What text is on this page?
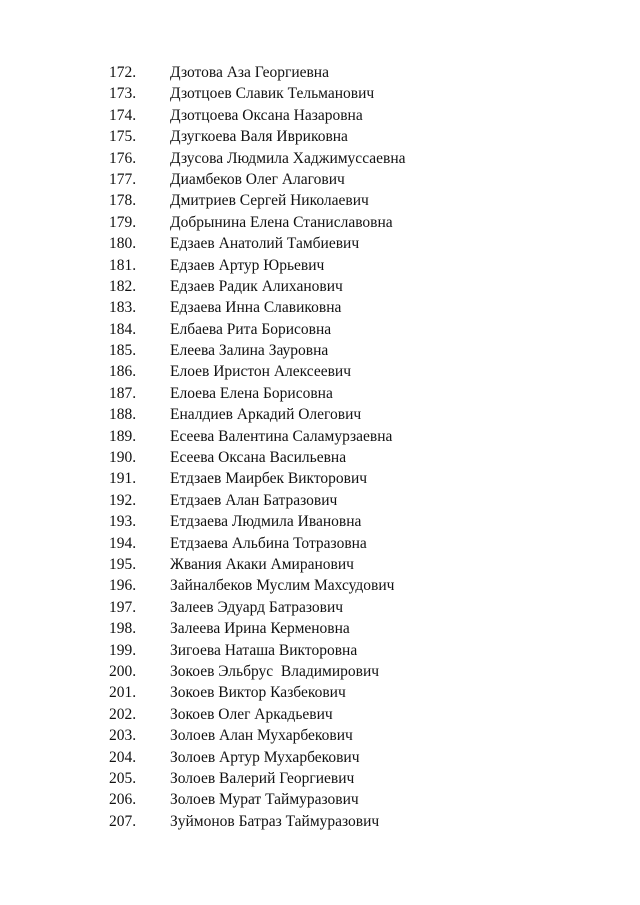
172. Дзотова Аза Георгиевна
173. Дзотцоев Славик Тельманович
174. Дзотцоева Оксана Назаровна
175. Дзугкоева Валя Ивриковна
176. Дзусова Людмила Хаджимуссаевна
177. Диамбеков Олег Алагович
178. Дмитриев Сергей Николаевич
179. Добрынина Елена Станиславовна
180. Едзаев Анатолий Тамбиевич
181. Едзаев Артур Юрьевич
182. Едзаев Радик Алиханович
183. Едзаева Инна Славиковна
184. Елбаева Рита Борисовна
185. Елеева Залина Зауровна
186. Елоев Иристон Алексеевич
187. Елоева Елена Борисовна
188. Еналдиев Аркадий Олегович
189. Есеева Валентина Саламурзаевна
190. Есеева Оксана Васильевна
191. Етдзаев Маирбек Викторович
192. Етдзаев Алан Батразович
193. Етдзаева Людмила Ивановна
194. Етдзаева Альбина Тотразовна
195. Жвания Акаки Амиранович
196. Зайналбеков Муслим Махсудович
197. Залеев Эдуард Батразович
198. Залеева Ирина Керменовна
199. Зигоева Наташа Викторовна
200. Зокоев Эльбрус  Владимирович
201. Зокоев Виктор Казбекович
202. Зокоев Олег Аркадьевич
203. Золоев Алан Мухарбекович
204. Золоев Артур Мухарбекович
205. Золоев Валерий Георгиевич
206. Золоев Мурат Таймуразович
207. Зуймонов Батраз Таймуразович
